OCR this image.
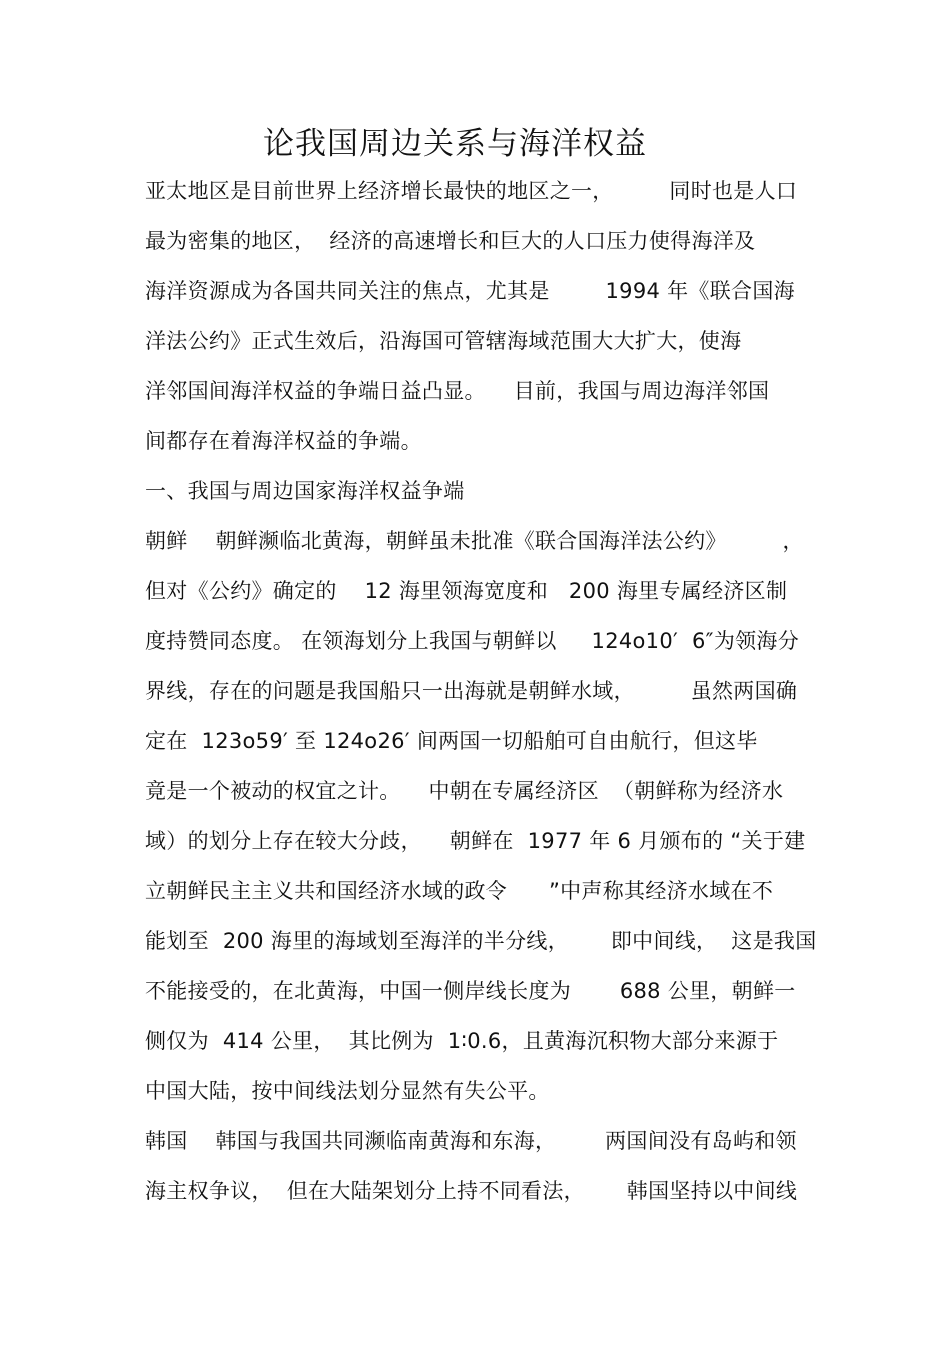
论我国周边关系与海洋权益
亚太地区是目前世界上经济增长最快的地区之一，        同时也是人口
最为密集的地区，  经济的高速增长和巨大的人口压力使得海洋及
海洋资源成为各国共同关注的焦点，尤其是        1994 年《联合国海
洋法公约》正式生效后，沿海国可管辖海域范围大大扩大，使海
洋邻国间海洋权益的争端日益凸显。    目前，我国与周边海洋邻国
间都存在着海洋权益的争端。
一、我国与周边国家海洋权益争端
朝鲜    朝鲜濒临北黄海，朝鲜虽未批准《联合国海洋法公约》        ，
但对《公约》确定的    12 海里领海宽度和   200 海里专属经济区制
度持赞同态度。 在领海划分上我国与朝鲜以     124o10′  6″为领海分
界线，存在的问题是我国船只一出海就是朝鲜水域，        虽然两国确
定在  123o59′ 至 124o26′ 间两国一切船舶可自由航行，但这毕
竟是一个被动的权宜之计。    中朝在专属经济区  （朝鲜称为经济水
域）的划分上存在较大分歧，    朝鲜在  1977 年 6 月颁布的 “关于建
立朝鲜民主主义共和国经济水域的政令      ”中声称其经济水域在不
能划至  200 海里的海域划至海洋的半分线，      即中间线，  这是我国
不能接受的，在北黄海，中国一侧岸线长度为       688 公里，朝鲜一
侧仅为  414 公里，  其比例为  1∶0.6，且黄海沉积物大部分来源于
中国大陆，按中间线法划分显然有失公平。
韩国    韩国与我国共同濒临南黄海和东海，       两国间没有岛屿和领
海主权争议，  但在大陆架划分上持不同看法，      韩国坚持以中间线
